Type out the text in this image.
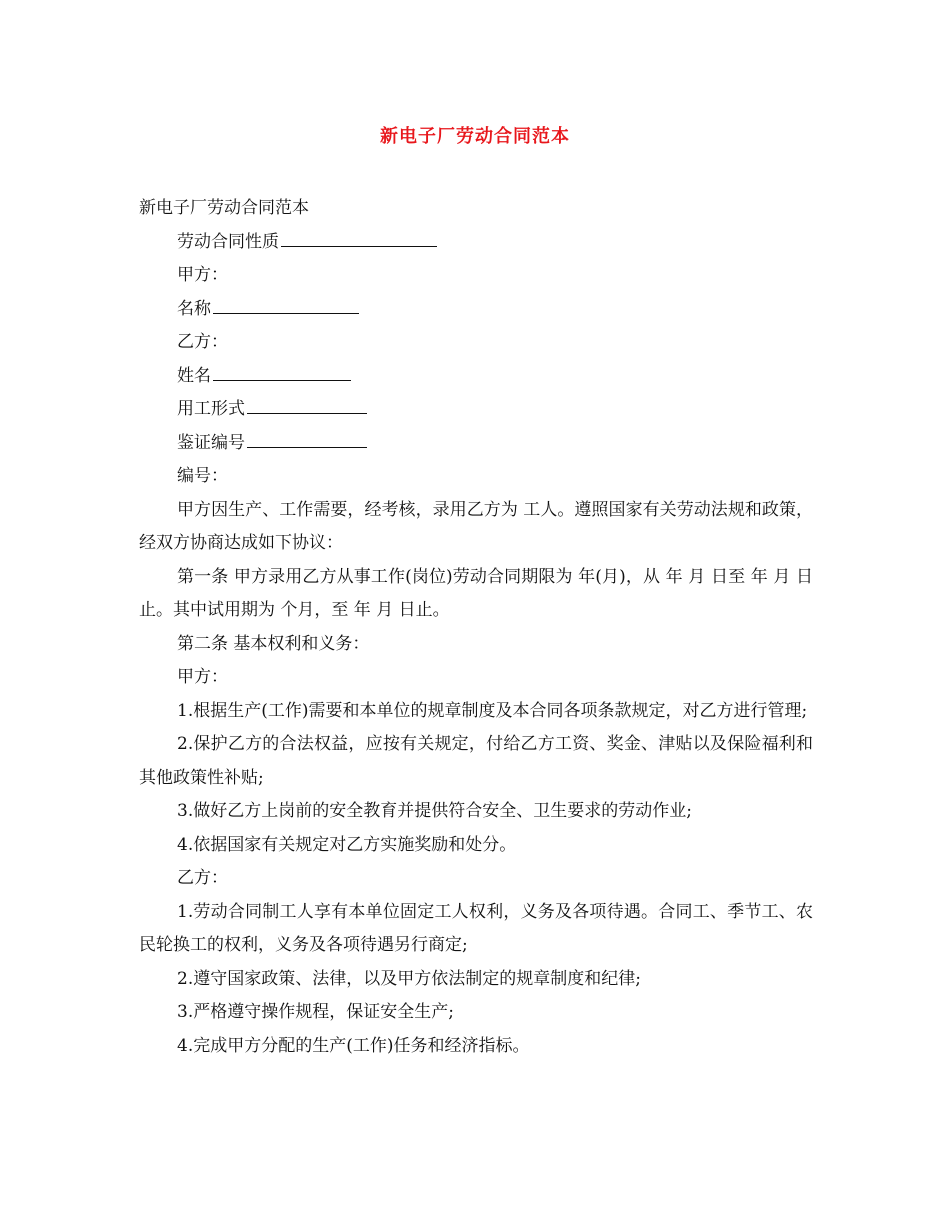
新电子厂劳动合同范本

新电子厂劳动合同范本

劳动合同性质

甲方：

名称

乙方：

姓名

用工形式

鉴证编号

编号：

甲方因生产、工作需要，经考核，录用乙方为 工人。遵照国家有关劳动法规和政策，经双方协商达成如下协议：

第一条 甲方录用乙方从事工作(岗位)劳动合同期限为 年(月)，从 年 月 日至 年 月 日止。其中试用期为 个月，至 年 月 日止。

第二条 基本权利和义务：

甲方：

1.根据生产(工作)需要和本单位的规章制度及本合同各项条款规定，对乙方进行管理;

2.保护乙方的合法权益，应按有关规定，付给乙方工资、奖金、津贴以及保险福利和其他政策性补贴;

3.做好乙方上岗前的安全教育并提供符合安全、卫生要求的劳动作业;

4.依据国家有关规定对乙方实施奖励和处分。

乙方：

1.劳动合同制工人享有本单位固定工人权利，义务及各项待遇。合同工、季节工、农民轮换工的权利，义务及各项待遇另行商定;

2.遵守国家政策、法律，以及甲方依法制定的规章制度和纪律;

3.严格遵守操作规程，保证安全生产;

4.完成甲方分配的生产(工作)任务和经济指标。
